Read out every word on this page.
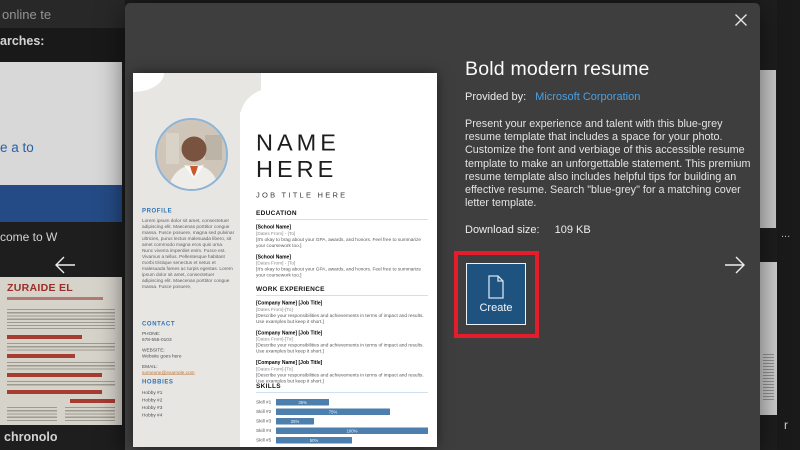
online te
arches:
e a to
come to W
ZURAIDE EL
chronolo
...
r
PROFILE
Lorem ipsum dolor sit amet, consectetuer adipiscing elit. Maecenas porttitor congue massa. Fusce posuere, magna sed pulvinar ultricies, purus lectus malesuada libero, sit amet commodo magna eros quis urna. Nunc viverra imperdiet enim. Fusce est. Vivamus a tellus. Pellentesque habitant morbi tristique senectus et netus et malesuada fames ac turpis egestas. Lorem ipsum dolor sit amet, consectetuer adipiscing elit. Maecenas porttitor congue massa. Fusce posuere,
CONTACT
PHONE:
678-555-0103
WEBSITE:
Website goes here
EMAIL:
someone@example.com
HOBBIES
Hobby #1
Hobby #2
Hobby #3
Hobby #4
NAME
HERE
JOB TITLE HERE
EDUCATION
[School Name]
[Dates From] - [To]
[It's okay to brag about your GPA, awards, and honors. Feel free to summarize your coursework too.]
[School Name]
[Dates From] - [To]
[It's okay to brag about your GPA, awards, and honors. Feel free to summarize your coursework too.]
WORK EXPERIENCE
[Company Name] [Job Title]
[Dates From]-[To]
[Describe your responsibilities and achievements in terms of impact and results. Use examples but keep it short.]
[Company Name] [Job Title]
[Dates From]-[To]
[Describe your responsibilities and achievements in terms of impact and results. Use examples but keep it short.]
[Company Name] [Job Title]
[Dates From]-[To]
[Describe your responsibilities and achievements in terms of impact and results. Use examples but keep it short.]
SKILLS
Skill #1	35%
Skill #2	75%
Skill #3	25%
Skill #4	100%
Skill #5	50%
Bold modern resume
Provided by: Microsoft Corporation
Present your experience and talent with this blue-grey resume template that includes a space for your photo. Customize the font and verbiage of this accessible resume template to make an unforgettable statement. This premium resume template also includes helpful tips for building an effective resume. Search "blue-grey" for a matching cover letter template.
Download size: 109 KB
Create
